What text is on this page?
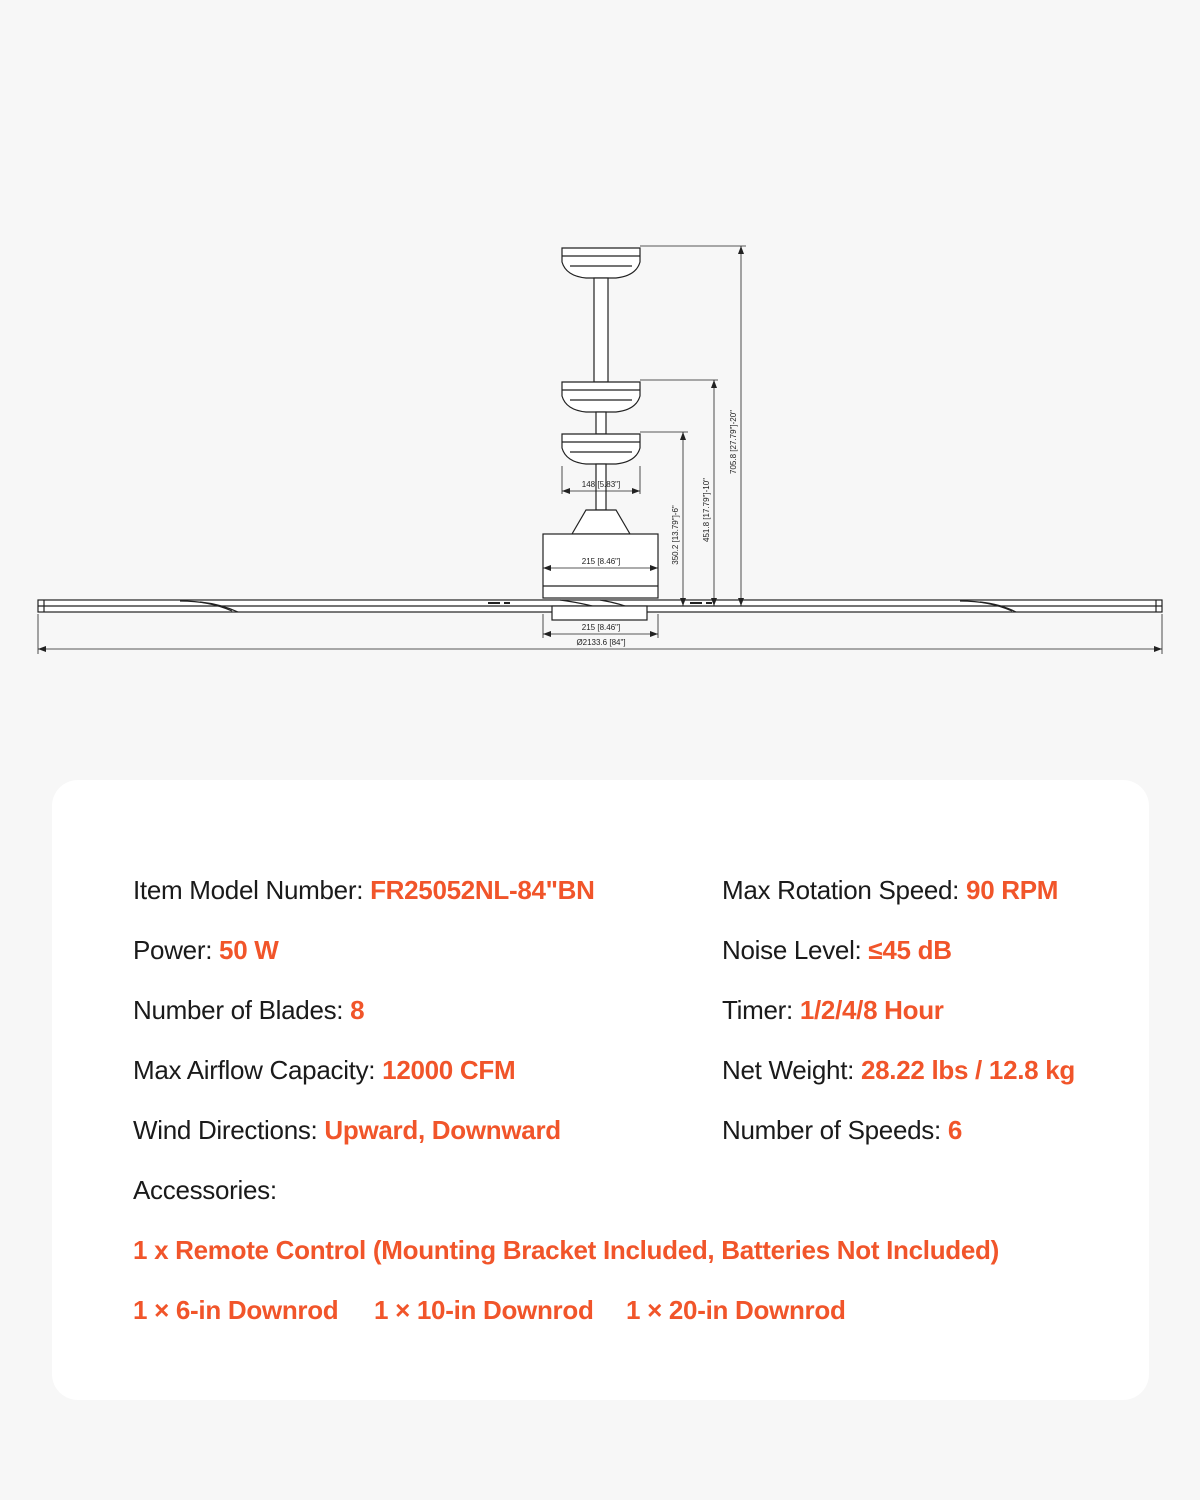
148 [5.83"]
215 [8.46"]
215 [8.46"]
Ø2133.6 [84"]
350.2 [13.79"]-6"	451.8 [17.79"]-10"
705.8 [27.79"]-20"
Item Model Number: FR25052NL-84"BN
Power: 50 W
Number of Blades: 8
Max Airflow Capacity: 12000 CFM
Wind Directions: Upward, Downward
Max Rotation Speed: 90 RPM
Noise Level: ≤45 dB
Timer: 1/2/4/8 Hour
Net Weight: 28.22 lbs / 12.8 kg
Number of Speeds: 6
Accessories:
1 x Remote Control (Mounting Bracket Included, Batteries Not Included)
1 × 6-in Downrod 1 × 10-in Downrod 1 × 20-in Downrod
